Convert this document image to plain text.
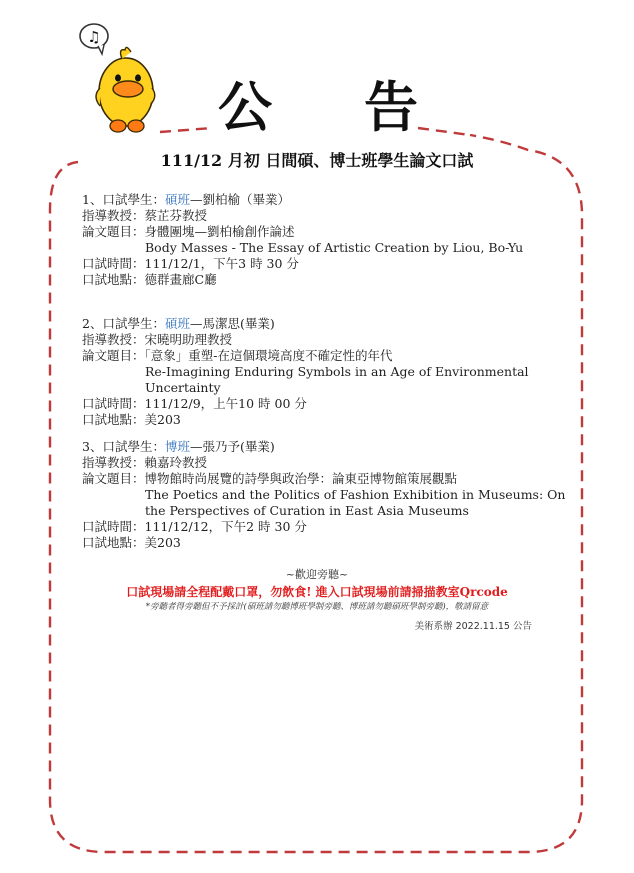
♫
公 告
111/12 月初 日間碩、博士班學生論文口試
1、口試學生：碩班—劉柏榆（畢業）
指導教授：蔡芷芬教授
論文題目：身體團塊—劉柏榆創作論述
Body Masses - The Essay of Artistic Creation by Liou, Bo-Yu
口試時間：111/12/1，下午3 時 30 分
口試地點：德群畫廊C廳
2、口試學生：碩班—馬潔思(畢業)
指導教授：宋曉明助理教授
論文題目：「意象」重塑-在這個環境高度不確定性的年代
Re-Imagining Enduring Symbols in an Age of Environmental Uncertainty
口試時間：111/12/9，上午10 時 00 分
口試地點：美203
3、口試學生：博班—張乃予(畢業)
指導教授：賴嘉玲教授
論文題目：博物館時尚展覽的詩學與政治學：論東亞博物館策展觀點
The Poetics and the Politics of Fashion Exhibition in Museums: On the Perspectives of Curation in East Asia Museums
口試時間：111/12/12，下午2 時 30 分
口試地點：美203
~歡迎旁聽~
口試現場請全程配戴口罩，勿飲食! 進入口試現場前請掃描教室Qrcode
*旁聽者得旁聽但不予採計(碩班請勿聽博班學制旁聽、博班請勿聽碩班學制旁聽)，敬請留意
美術系辦 2022.11.15 公告
